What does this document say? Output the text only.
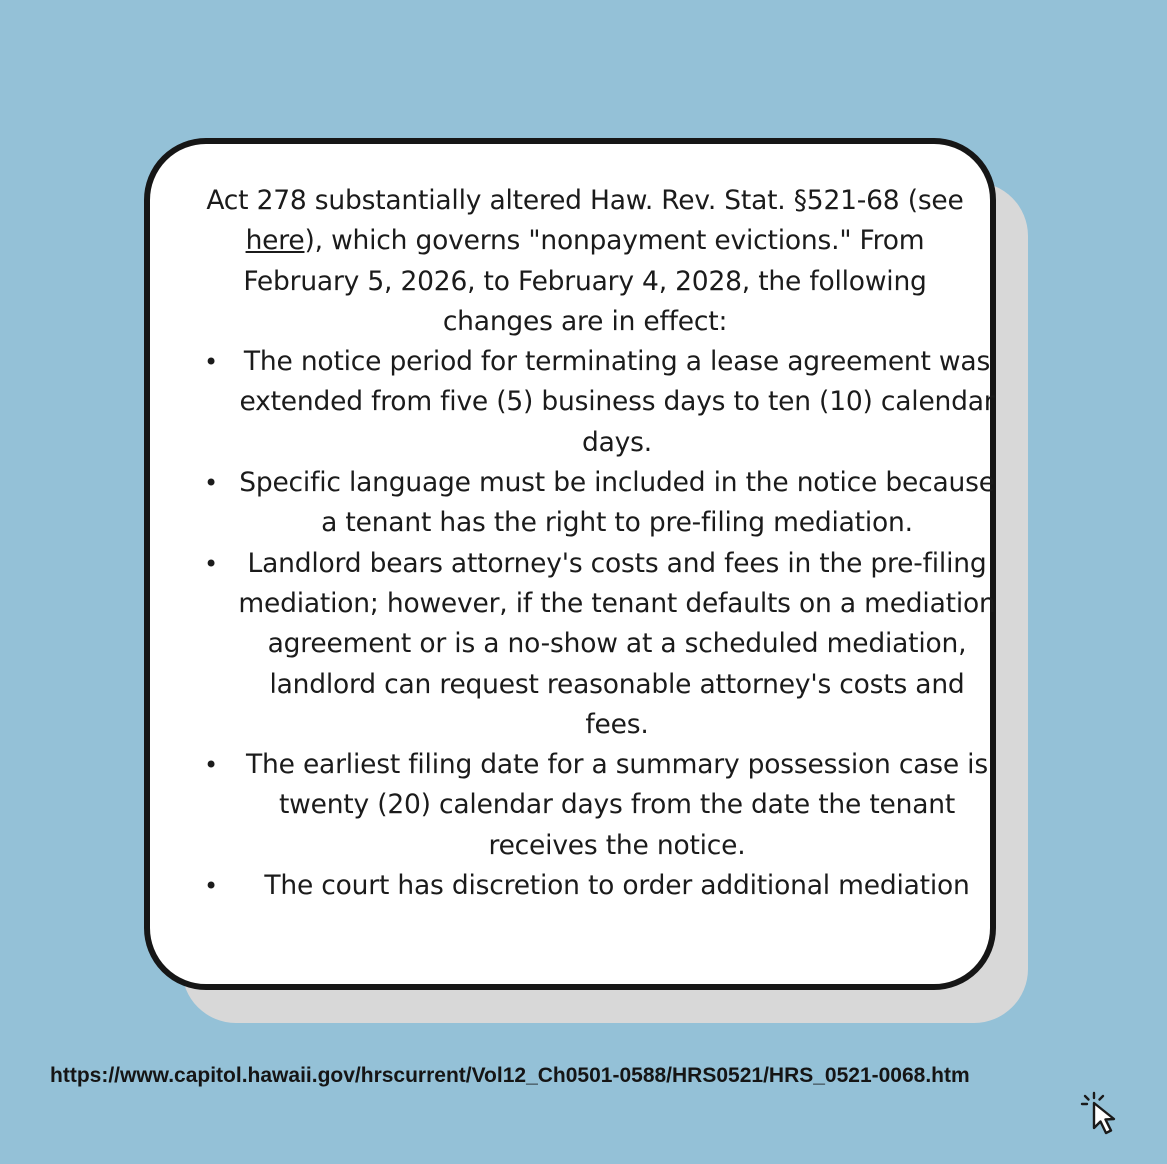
Act 278 substantially altered Haw. Rev. Stat. §521-68 (see here), which governs "nonpayment evictions." From February 5, 2026, to February 4, 2028, the following changes are in effect:

• The notice period for terminating a lease agreement was extended from five (5) business days to ten (10) calendar days.
• Specific language must be included in the notice because a tenant has the right to pre-filing mediation.
• Landlord bears attorney's costs and fees in the pre-filing mediation; however, if the tenant defaults on a mediation agreement or is a no-show at a scheduled mediation, landlord can request reasonable attorney's costs and fees.
• The earliest filing date for a summary possession case is twenty (20) calendar days from the date the tenant receives the notice.
• The court has discretion to order additional mediation
https://www.capitol.hawaii.gov/hrscurrent/Vol12_Ch0501-0588/HRS0521/HRS_0521-0068.htm
